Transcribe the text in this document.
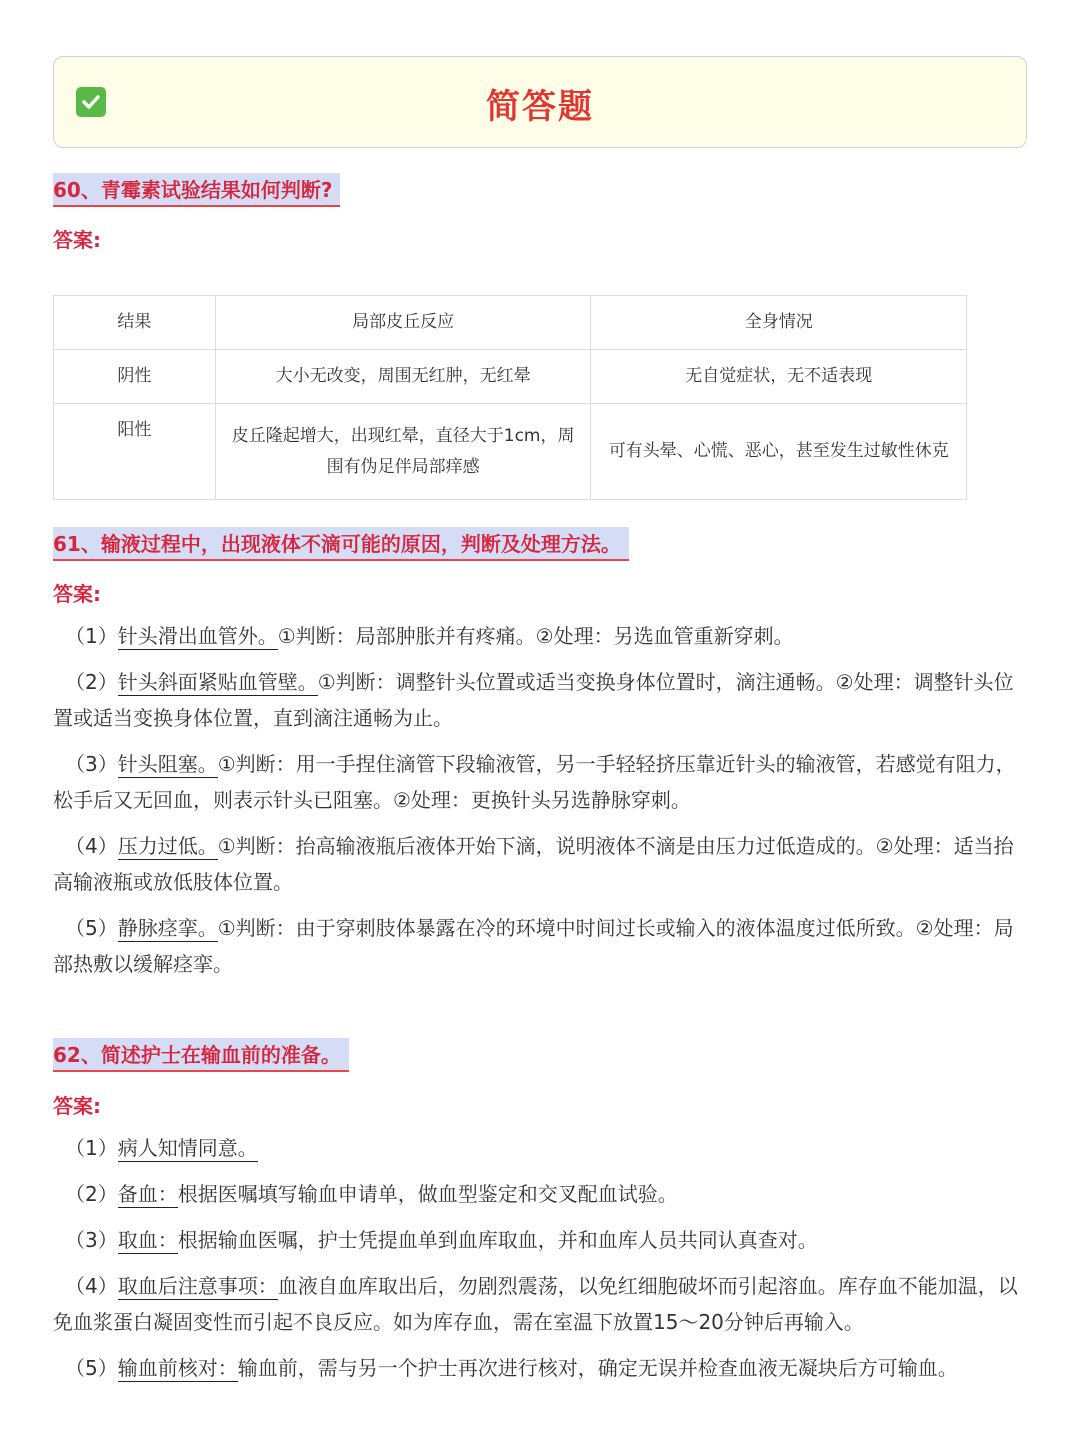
简答题
60、青霉素试验结果如何判断?
答案:
结果	局部皮丘反应	全身情况
阴性	大小无改变，周围无红肿，无红晕	无自觉症状，无不适表现
阳性	皮丘隆起增大，出现红晕，直径大于1cm，周围有伪足伴局部痒感	可有头晕、心慌、恶心，甚至发生过敏性休克
61、输液过程中，出现液体不滴可能的原因，判断及处理方法。
答案:
（1）针头滑出血管外。①判断：局部肿胀并有疼痛。②处理：另选血管重新穿刺。
（2）针头斜面紧贴血管壁。①判断：调整针头位置或适当变换身体位置时，滴注通畅。②处理：调整针头位置或适当变换身体位置，直到滴注通畅为止。
（3）针头阻塞。①判断：用一手捏住滴管下段输液管，另一手轻轻挤压靠近针头的输液管，若感觉有阻力，松手后又无回血，则表示针头已阻塞。②处理：更换针头另选静脉穿刺。
（4）压力过低。①判断：抬高输液瓶后液体开始下滴，说明液体不滴是由压力过低造成的。②处理：适当抬高输液瓶或放低肢体位置。
（5）静脉痉挛。①判断：由于穿刺肢体暴露在冷的环境中时间过长或输入的液体温度过低所致。②处理：局部热敷以缓解痉挛。
62、简述护士在输血前的准备。
答案:
（1）病人知情同意。
（2）备血：根据医嘱填写输血申请单，做血型鉴定和交叉配血试验。
（3）取血：根据输血医嘱，护士凭提血单到血库取血，并和血库人员共同认真查对。
（4）取血后注意事项：血液自血库取出后，勿剧烈震荡，以免红细胞破坏而引起溶血。库存血不能加温，以免血浆蛋白凝固变性而引起不良反应。如为库存血，需在室温下放置15～20分钟后再输入。
（5）输血前核对：输血前，需与另一个护士再次进行核对，确定无误并检查血液无凝块后方可输血。
